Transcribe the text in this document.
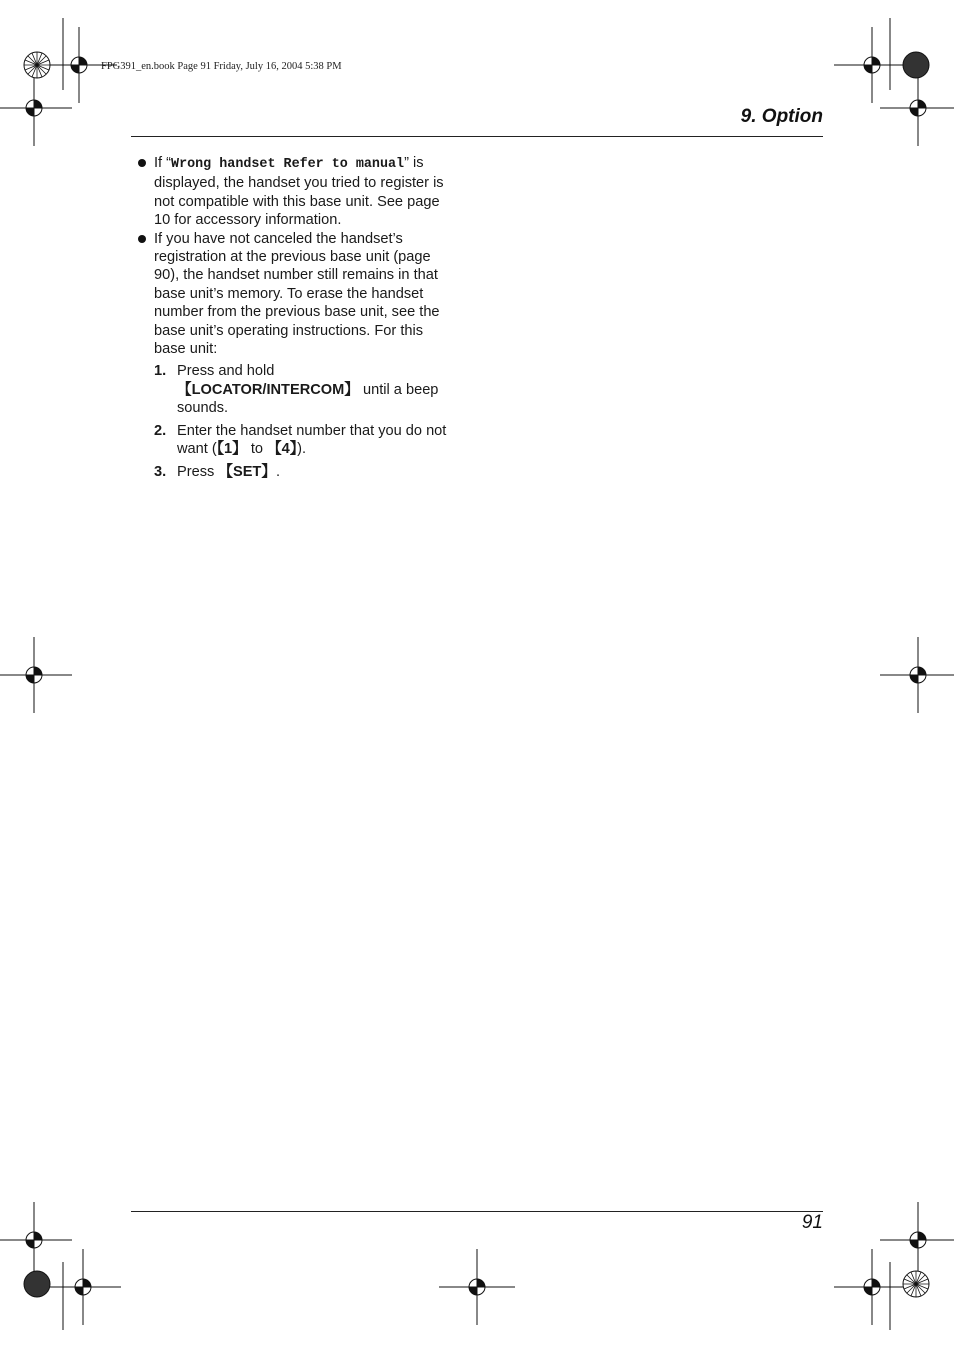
FPG391_en.book Page 91 Friday, July 16, 2004 5:38 PM
9. Option
If “Wrong handset Refer to manual” is displayed, the handset you tried to register is not compatible with this base unit. See page 10 for accessory information.
If you have not canceled the handset’s registration at the previous base unit (page 90), the handset number still remains in that base unit’s memory. To erase the handset number from the previous base unit, see the base unit’s operating instructions. For this base unit:
1. Press and hold 【LOCATOR/INTERCOM】 until a beep sounds.
2. Enter the handset number that you do not want (【1】 to 【4】).
3. Press 【SET】.
91
